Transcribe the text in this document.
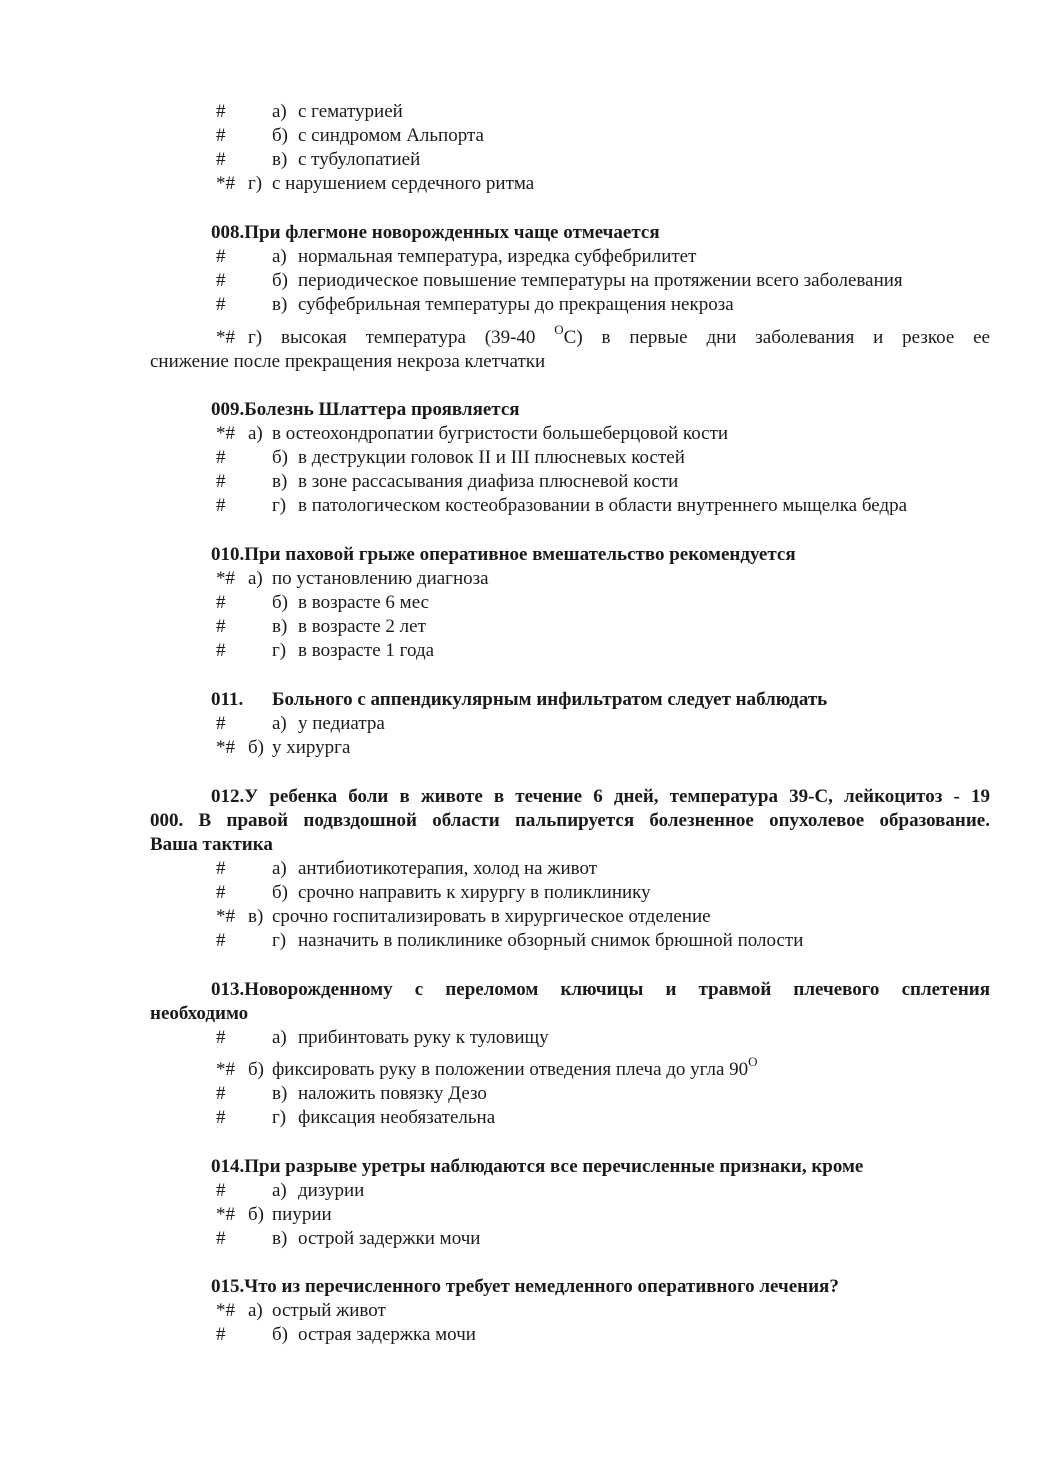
# а) с гематурией
# б) с синдромом Альпорта
# в) с тубулопатией
*# г) с нарушением сердечного ритма
008.При флегмоне новорожденных чаще отмечается
# а) нормальная температура, изредка субфебрилитет
# б) периодическое повышение температуры на протяжении всего заболевания
# в) субфебрильная температуры до прекращения некроза
*# г) высокая температура (39-40 $^О$С) в первые дни заболевания и резкое ее
снижение после прекращения некроза клетчатки
009.Болезнь Шлаттера проявляется
*# а) в остеохондропатии бугристости большеберцовой кости
# б) в деструкции головок II и III плюсневых костей
# в) в зоне рассасывания диафиза плюсневой кости
# г) в патологическом костеобразовании в области внутреннего мыщелка бедра
010.При паховой грыже оперативное вмешательство рекомендуется
*# а) по установлению диагноза
# б) в возрасте 6 мес
# в) в возрасте 2 лет
# г) в возрасте 1 года
011. Больного с аппендикулярным инфильтратом следует наблюдать
# а) у педиатра
*# б) у хирурга
012.У ребенка боли в животе в течение 6 дней, температура 39-С, лейкоцитоз - 19
000. В правой подвздошной области пальпируется болезненное опухолевое образование.
Ваша тактика
# а) антибиотикотерапия, холод на живот
# б) срочно направить к хирургу в поликлинику
*# в) срочно госпитализировать в хирургическое отделение
# г) назначить в поликлинике обзорный снимок брюшной полости
013.Новорожденному с переломом ключицы и травмой плечевого сплетения
необходимо
# а) прибинтовать руку к туловищу
*# б) фиксировать руку в положении отведения плеча до угла $90^О$
# в) наложить повязку Дезо
# г) фиксация необязательна
014.При разрыве уретры наблюдаются все перечисленные признаки, кроме
# а) дизурии
*# б) пиурии
# в) острой задержки мочи
015.Что из перечисленного требует немедленного оперативного лечения?
*# а) острый живот
# б) острая задержка мочи
